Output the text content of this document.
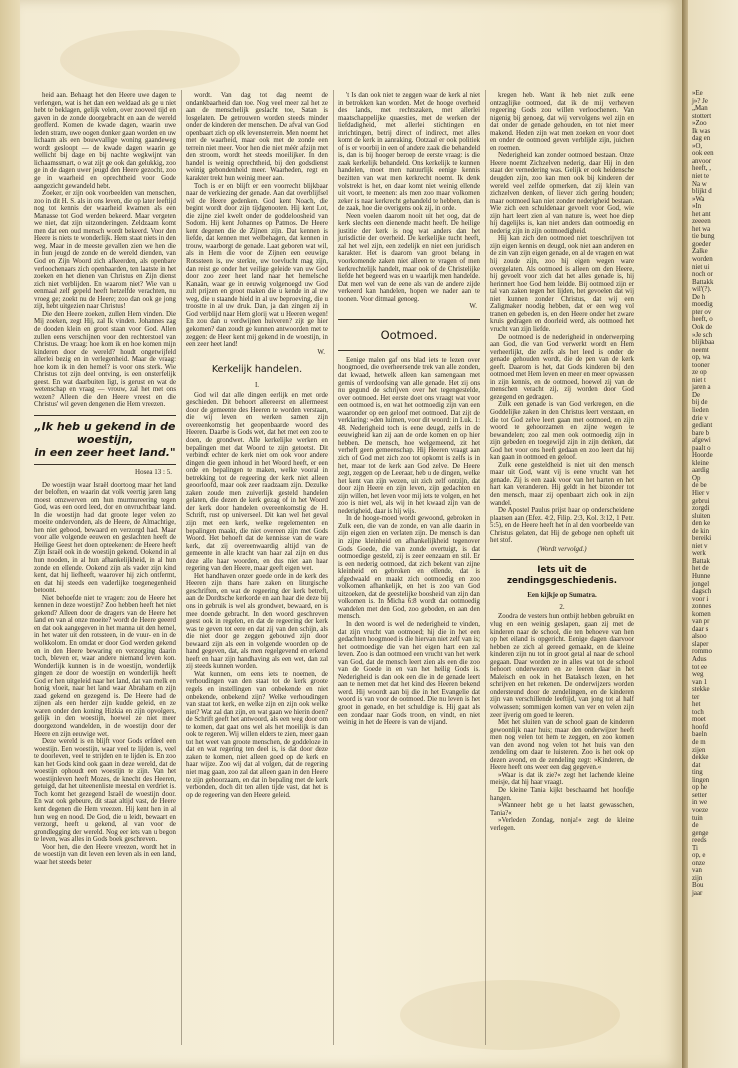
heid aan. Behaagt het den Heere uwe dagen te verlengen, wat is het dan een weldaad als ge u niet hebt te beklagen, gelijk velen, over zooveel tijd en gaven in de zonde doorgebracht en aan de wereld geofferd. Komen de kwade dagen, waarin uwe leden stram, uwe oogen donker gaan worden en uw lichaam als een bouwvallige woning gaandeweg wordt gesloopt — de kwade dagen waarin ge wellicht bij dage en bij nachte wegkwijnt van lichaamssmart, o wat zijt ge ook dan gelukkig, zoo ge in de dagen uwer jeugd den Heere gezocht, zoo ge in waarheid en oprechtheid voor Gode aangezicht gewandeld hebt.

Zoeker, er zijn ook voorbeelden van menschen, zoo in dit H. S. als in ons leven, die op later leeftijd nog tot kennis der waarheid kwamen als een Manasse tot God werden bekeerd. Maar vergeten we niet, dat zijn uitzonderingen. Zeldzaam komt men dat een oud mensch wordt bekeerd. Voor den Heere is niets te wonderlijk. Hem staat niets in den weg. Maar in de meeste gevallen zien we hen die in hun jeugd de zonde en de wereld dienden, van God en Zijn Woord zich afkeerden, als openbare verloochenaars zich openbaarden, ten laatste in het zoeken en het dienen van Christus en Zijn dienst zich niet verblijden. En waarom niet? Wie van u eenmaal zelf gepeld heeft hetzelfde verachten, nu vroeg ge; zoekt nu de Heere; zoo dan ook ge jong zijt, hebt uitgezien naar Christus!

Die den Heere zoeken, zullen Hem vinden. Die Mij zoeken, zegt Hij, zal Ik vinden. Johannes zag de dooden klein en groot staan voor God. Allen zullen eens verschijnen voor den rechterstoel van Christus. De vraag: hoe kom ik en hoe komen mijn kinderen door de wereld? houdt ongetwijfeld allerlei bezig en in verlegenheid. Maar de vraag: hoe kom ik in den hemel? is voor ons sterk. Wie Christus tot zijn deel ontving, is een onsterfelijk geest. En wat daarbuiten ligt, is gerust en wat de wetenschap en vraag — vrouw, zal het met ons wezen? Alleen die den Heere vreest en die Christus' wil geven dengenen die Hem vreezen.

„Ik heb u gekend in de woestijn,
in een zeer heet land."
Hosea 13 : 5.

De woestijn waar Israël doortoog maar het land der beloften, en waarin dat volk veertig jaren lang moest omzwerven om hun murmureering tegen God, was een oord leed, dor en onvruchtbaar land. In die woestijn had dat groote leger velen zo moeite ondervonden, als de Heere, de Almachtige, hen niet gebood, bewaard en verzorgd had. Maar voor alle volgende eeuwen en geslachten heeft de Heilige Geest het doen opteekenen: de Heere heeft Zijn Israël ook in de woestijn gekend. Ookend in al hun nooden, in al hun afhankelijkheid, in al hun zonde en ellende. Ookend zijn als vader zijn kind kent, dat hij liefheeft, waarover hij zich ontfermt, en dat hij steeds een vaderlijke toegenegenheid betoont.

Niet behoefde niet te vragen: zou de Heere het kennen in deze woestijn? Zoo hebben heeft het niet gekend? Alleen door de dragers van de Heere het land en van al onze moeite? wordt de Heere geeerd en dat ook aangegeven in het manna uit den hemel, in het water uit den rotssteen, in de vuur- en in de wolkkolom. En omdat er door God werden gekend en in den Heere bewaring en verzorging daarin toch, bleven er, waar andere niemand leven kon. Wonderlijk kunnen is in de woestijn, wonderlijk gingen ze door de woestijn en wonderlijk heeft God er hen uitgeleid naar het land, dat van melk en honig vloeit, naar het land waar Abraham en zijn zaad gekend en gezegend is. De Heere had de zijnen als een herder zijn kudde geleid, en ze waren onder den koning Hizkia en zijn opvolgers, gelijk in den woestijn, hoewel ze niet meer doorgezond wandelden, in de woestijn door der Heere en zijn eeuwige wet.

Deze wereld is en blijft voor Gods erfdeel een woestijn. Een woestijn, waar veel te lijden is, veel te doorleven, veel te strijden en te lijden is. En zoo kan het Gods kind ook gaan in deze wereld, dat de woestijn ophoudt een woestijn te zijn. Van het woestijnleven heeft Mozes, de knecht des Heeren, getuigd, dat het uiteenenliste meestal en verdriet is. Toch komt het gezegend Israël de woestijn door. En wat ook gebeure, dit staat altijd vast, de Heere kent degenen die Hem vreezen. Hij kent hen in al hun weg en nood. De God, die u leidt, bewaart en verzorgt, heeft u gekend, al van voor de grondlegging der wereld. Nog eer iets van u begon te leven, was alles in Gods boek geschreven.

Voor hen, die den Heere vreezen, wordt het in de woestijn van dit leven een leven als in een land, waar het steeds beter

wordt. Van dag tot dag neemt de ondankbaarheid dan toe. Nog veel meer zal het ze aan de menschelijk geslacht toe, Satan is losgelaten. De getrouwen worden steeds minder onder de kinderen der menschen. De afval van God openbaart zich op elk levensterrein. Men noemt het met de waarheid, maar ook met de zonde een terrein niet meer. Voor hen die niet méér afzijn met den stroom, wordt het steeds moeilijker. In den handel is weinig oprechtheid, bij den godsdienst weinig gebondenheid meer. Waarheden, regt en karakter trekt hun weinig meer aan.

Toch is er en blijft er een voorrecht blijkbaar naar de verkiezing der genade. Aan dat overblijfsel wil de Heere gedenken. God kent Noach, die begint wordt door zijn tijdgenooten. Hij kent Lot, die zijne ziel kwelt onder de goddeloosheid van Sodom. Hij kent Johannes op Patmos. De Heere kent degenen die de Zijnen zijn. Dat kennen is liefde, dat kennen met welbehagen, dat kennen in trouw, waarborgt de genade. Laat geboren wat wil, als in Hem die voor de Zijnen een eeuwige Rotssteen is, uw sterkte, uw toevlucht mag zijn, dan reist ge onder het veilige geleide van uw God door zoo zeer heet land naar het hemelsche Kanaän, waar ge in eeuwig volgenoegd uw God zult prijzen en groot maken die u kende in al uw weg, die u staande hield in al uw beproeving, die u troostte in al uw druk. Dan, ja dan zingen zij in God verblijd naar Hem glorij wat u Heeren wegen! En zou dan u verdwijnen huiveren? zijt ge hier gekomen? dan zoudt ge kunnen antwoorden met te zeggen: de Heer kent mij gekend in de woestijn, in een zeer heet land!

W.

Kerkelijk handelen.
I.

God wil dat alle dingen eerlijk en met orde geschieden. Dit behoort allereerst en allermeest door de gemeente des Heeren te worden verstaan, die wij leven en werken samen zijn overeenkomstig het geopenbaarde woord des Heeren. Daarbe is Gods wet, dat het met een zoo te doen, de grondwet. Alle kerkelijke werken en bepalingen met dat Woord te zijn getoetst. Dit verbindt echter de kerk niet om ook voor andere dingen die geen inhoud in het Woord heeft, er een orde en bepalingen te maken, welke vooral in betrekking tot de regeering der kerk niet alleen geoorloofd, maar ook zeer raadzaam zijn. Dezulke zaken zoude men zuiverlijk gesteld handelen gelaten, die dezen de kerk gezag of in het Woord der kerk door handelen overeenkomstig de H. Schrift, rust op universeel. Dit kan wel het geval zijn met een kerk, welke regelementen en bepalingen maakt, die niet overeen zijn met Gods Woord. Het behoeft dat de kennisse van de ware kerk, dat zij overeenwaardig altijd van de gemeente in alle kracht van haar zal zijn en dus deze alle haar woorden, en dus niet aan haar regering van den Heere, maar geeft eigen wet.

Het handhaven onzer goede orde in de kerk des Heeren zijn thans hare zaken en liturgische geschriften, en wat de regeering der kerk betreft, aan de Dordtsche kerkorde en aan haar die deze bij ons in gebruik is wel als grondwet, bewaard, en is mee doende gebracht. In den woord geschreven geest ook in regelen, en dat de regeering der kerk was te geven tot eere en dat zij van den schijn, als die niet door ge zeggen gebouwd zijn door bewaard zijn als een in volgende woorden op de hand gegeven, dat, als men regelgevend en erkend heeft en haar zijn handhaving als een wet, dan zal zij steeds kunnen worden.

Wat kunnen, om eens iets te noemen, de verhoudingen van den staat tot de kerk groote regels en instellingen van onbekende en niet onbekende, onbekend zijn? Welke verhoudingen van staat tot kerk, en welke zijn en zijn ook welke niet? Wat zal dan zijn, en wat gaan we hierin doen? de Schrift geeft het antwoord, als een weg door om te komen, dat gaat ons wel als het moeilijk is dan ook te regeren. Wij willen elders te zien, meer gaan tot het weet van groote menschen, de goddeloze in dat en wat regering ten deel is, is dat door deze zaken te komen, niet alleen goed op de kerk en haar wijze. Zoo wij dat al volgen, dat de regering niet mag gaan, zoo zal dat alleen gaan in den Heere te zijn gehoorzaam, en dat in bepaling met de kerk verbonden, doch dit ten allen tijde vast, dat het is op de regeering van den Heere geleid.

't Is dan ook niet te zeggen waar de kerk al niet in betrokken kan worden. Met de hooge overheid des lands, met rechtszaken, met allerlei maatschappelijke quaesties, met de werken der liefdadigheid, met allerlei stichtingen en inrichtingen, betrij direct of indirect, met alles komt de kerk in aanraking. Ootzaal er ook politiek of is er voorbij in een of andere zaak die behandeld is, dan is bij hooger beroep de eerste vraag: is die zaak kerkelijk behandeld. Ons kerkelijk te kunnen handelen, moet men natuurlijk eenige kennis bezitten van wat men kerkrecht noemt. Ik denk volstrekt is het, en daar komt niet weinig ellende uit voort, te meenen: als men zoo maar volkomen zeker is naar kerkrecht gehandeld te hebben, dan is de zaak, hoe die overigens ook zij, in orde.

Neen voelen daarom nooit uit het oog, dat de kerk slechts een dienende macht heeft. De heilige justitie der kerk is nog wat anders dan het jurisdictie der overheid. De kerkelijke tucht heeft, zal het wel zijn, een zedelijk en niet een juridisch karakter. Het is daarom van groot belang in voorkomende zaken niet alleen te vragen of men kerkrechtelijk handelt, maar ook of de Christelijke liefde het begeerd was en u waarlijk men handelde. Dat men wel van de eene als van de andere zijde verkeerd kan handelen, hopen we nader aan te toonen. Voor ditmaal genoeg.

W.

Ootmoed.

Eenige malen gaf ons blad iets te lezen over hoogmoed, die overheersende trek van alle zonden, dat kwaad, hetwelk alleen kan samengaan met gemis of verdoofsing van alle genade. Het zij ons nu gegund de schrijven over het tegengestelde, over ootmoed. Het eerste doet ons vraagt wat voor een ootmoed is, en wat het ootmoedig zijn van een waaronder op een geloof met ootmoed. Dat zijt de verklaring: »den luimen, voor dit woord: in Luk. 1: 48. Nederigheid toch is eene deugd, zelfs in de eeuwigheid kan zij aan de orde komen en op hier hebben. De mensch, hoe welgemeend, zit het verheft geen gemeenschap. Hij Heeren vraagt aan zich of God met zich zoo tot opkomt is zelfs is in het, maar tot de kerk aan God zelve. De Heere zegt, zeggen op de Leeraar, heb u de dingen, welke het kent van zijn wezen, uit zich zelf ontzijn, dat door zijn Heere en zijn leven, zijn gedachten en zijn willen, het leven voor mij iets te volgen, en het zoo is niet wel, als wij in het kwaad zijn van de nederigheid, daar is hij wijs.

In de hooge-moed wordt gewoond, gebroken in Zulk een, die van de zonde, en van alle daarin in zijn eigen zien en verlaten zijn. De mensch is dan in zijne kleinheid en afhankelijkheid tegenover Gods Goede, die van zonde overtuigt, is dat ootmoedige gesteld, zij is zeer eenzaam en stil. Er is een nederig ootmoed, dat zich bekent van zijne kleinheid en gebroken en ellende, dat is afgedwaald en maakt zich ootmoedig en zoo volkomen afhankelijk, en het is zoo van God uitzoeken, dat de geestelijke boosheid van zijn dan volkomen is. In Micha 6:8 wordt dat ootmoedig wandelen met den God, zoo geboden, en aan den mensch.

In den woord is wel de nederigheid te vinden, dat zijn vrucht van ootmoed; hij die in het een gedachten hoogmoed is die hiervan niet zelf van is; het ootmoedige die van het eigen hart een zal leven. Zoo is dan ootmoed een vrucht van het werk van God, dat de mensch leert zien als een die zoo van de Goede in en van het heilig Gods is. Nederigheid is dan ook een die in de genade leert aan te nemen met dat het kind des Heeren bekend werd. Hij woordt aan bij die in het Evangelie dat woord is van voor de ootmoed. Die nu leven is het groot in genade, en het schuldige is. Hij gaat als een zondaar naar Gods troon, en vindt, en niet weinig in het de Heere is van de vijand.

kregen heb. Want ik heb niet zulk eene ontzaglijke ootmoed, dat ik de mij verheven regeering Gods zou willen verloochenen. Van nigenig bij genoeg, dat wij vervolgens wel zijn en dat onder de genade gehouden, en tot niet meer makend. Heden zijn wat men zoeken en voor doet en onder de ootmoed geven verblijde zijn, juichen en roemen.

Nederigheid kan zonder ootmoed bestaan. Onze Heere noemt Zichzelven nederig, daar Hij in den staat der vernedering was. Gelijk er ook heidensche deugden zijn, zoo kan men ook bij kinderen der wereld veel zelfde opmerken, dat zij klein van zichzelven denken, of liever zich gering houden; maar ootmoed kan niet zonder nederigheid bestaan. Wie zich een schuldenaar gevoelt voor God, wie zijn hart leert zien al van nature is, weet hoe diep hij dagelijks is, kan niet anders dan ootmoedig en nederig zijn in zijn ootmoedigheid.

Hij kan zich den ootmoed niet toeschrijven tot zijn eigen kennis en deugd, ook niet aan anderen en de zin van zijn eigen genade, en al de vragen en wat hij zoude zijn, zoo hij eigen wegen ware overgelaten. Als ootmoed is alleen om den Heere, hij gevoelt voor zich dat het alles genade is, hij herinnert hoe God hem leidde. Bij ootmoed zijn er tal van zaken tegen het lijden, het gevoelen dat wij niet kunnen zonder Christus, dat wij een Zaligmaker noodig hebben, dat er een weg vol tranen en gebeden is, en den Heere onder het zware kruis gedragen en doorleid werd, als ootmoed het vrucht van zijn liefde.

De ootmoed is de nederigheid in onderwerping aan God, die van God verwerkt wordt en Hem verheerlijkt, die zelfs als het leed is onder de genade gehouden wordt, die de pen van de kerk geeft. Daarom is het, dat Gods kinderen bij den ootmoed met Hem leven en meer en meer opwassen in zijn kennis, en de ootmoed, hoewel zij van de menschen veracht zij, zij worden door God gezegend en gedragen.

Zulk een genade is van God verkregen, en die Goddelijke zaken in den Christus leert verstaan, en die tot God zelve leert gaan met ootmoed, en zijn woord te gehoorzamen en zijne wegen te bewandelen; zoo zal men ook ootmoedig zijn in zijn gebeden en toegewijd zijn in zijn denken, dat God het voor ons heeft gedaan en zoo leert dat hij kan gaan in ootmoed en geloof.

Zulk eene gesteldheid is niet uit den mensch maar uit God, want vij is eene vrucht van het genade. Zij is een zaak voor van het harten en het hart kan veranderen. Hij geldt in het bizonder tot den mensch, maar zij openbaart zich ook in zijn wandel.

De Apostel Paulus prijst haar op onderscheidene plaatsen aan (Efez. 4:2, Filip. 2:3, Kol. 3:12, 1 Petr. 5:5), en de Heere heeft het in al den voorbeelde van Christus gelaten, dat Hij de geboge nen opheft uit het stof.

(Wordt vervolgd.)
Iets uit de zendingsgeschiedenis.
Een kijkje op Sumatra.
2.

Zoodra de vesters hun ontbijt hebben gebruikt en vlug en een weinig geslapen, gaan zij met de kinderen naar de school, die ten behoeve van hen op het eiland is opgericht. Eenige dagen daarvoor hebben ze zich al gereed gemaakt, en de kleine kinderen zijn nu tot in groot getal al naar de school gegaan. Daar worden ze in alles wat tot de school behoort onderwezen en ze leeren daar in het Maleisch en ook in het Bataksch lezen, en het schrijven en het rekenen. De onderwijzers worden ondersteund door de zendelingen, en de kinderen zijn van verschillende leeftijd, van jong tot al half volwassen; sommigen komen van ver en velen zijn zeer ijverig om goed te leeren.

Met het sluiten van de school gaan de kinderen gewoonlijk naar huis; maar den onderwijzer heeft men nog velen tot hem te zeggen, en zoo komen van den avond nog velen tot het huis van den zendeling om daar te luisteren. Zoo is het ook op dezen avond, en de zendeling zegt: »Kinderen, de Heere heeft ons weer een dag gegeven.«

»Waar is dat ik zie?« zegt het lachende kleine meisje, dat hij haar vraagt.

De kleine Tania kijkt beschaamd het hoofdje hangen.

»Wanneer hebt ge u het laatst gewasschen, Tania?«

»Verleden Zondag, nonja!« zegt de kleine verlegen.

»Ee
j»? Je
„Man
stottert
»Zoo
Ik was
dag en
»O,
ook een
anvoor
heeft, ,
niet te
Na w
blijkt d
»Wa
»In
het ant
zeeeen
het wa
tie bung
goeder
Zalke
worden
niet ui
noch or
Battakk
wil'(?).
De h
moedig
pter ov
heeft, o
Ook de
»Je sch
blijkbaa
neemt
op, wa
tooner
ze op
niet t
jaren a
De
bij de
lieden
drie v
gediant
bare b
afgewi
paalt o
Hoorde
kleine
aardig
Op
de be
Hier v
gebrui
zorgdi
sluiten
den ke
de kin
bereiki
niet v
werk
Battak
het de
Hunne
jongel
dagsch
voor i
zonnes
komen
van pr
daar s
alsoo
slaper
rommo
Adus
tot ee
weg
van 1
stekke
ter
het
toch
moet
hoofd
baeln
de m
zijen
dekke
dat
ting
lingen
op he
setter
in we
voeze
tuin
de
genge
reeds
Ti
op, e
onze
van
zijn
Bou
jaar
